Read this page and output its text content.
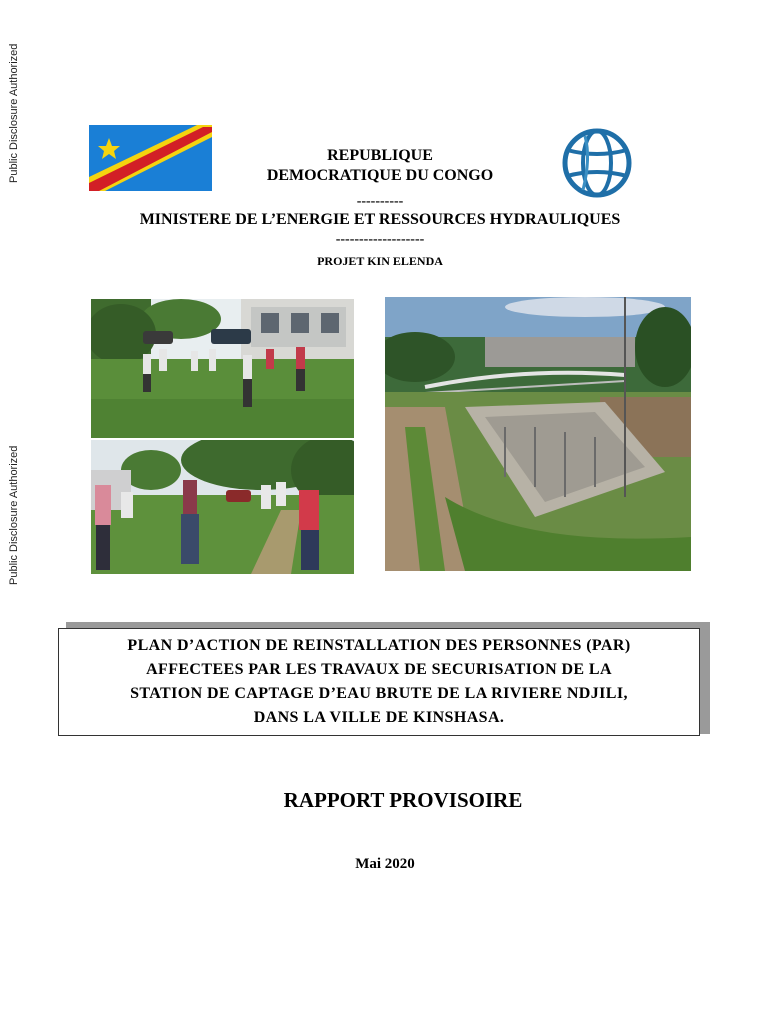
Public Disclosure Authorized
Public Disclosure Authorized
REPUBLIQUE
DEMOCRATIQUE DU CONGO
----------
MINISTERE DE L’ENERGIE ET RESSOURCES HYDRAULIQUES
-------------------
PROJET KIN ELENDA
PLAN D’ACTION DE REINSTALLATION DES PERSONNES (PAR)
AFFECTEES PAR LES TRAVAUX DE SECURISATION DE LA
STATION DE CAPTAGE D’EAU BRUTE DE LA RIVIERE NDJILI,
DANS LA VILLE DE KINSHASA.
RAPPORT PROVISOIRE
Mai 2020
